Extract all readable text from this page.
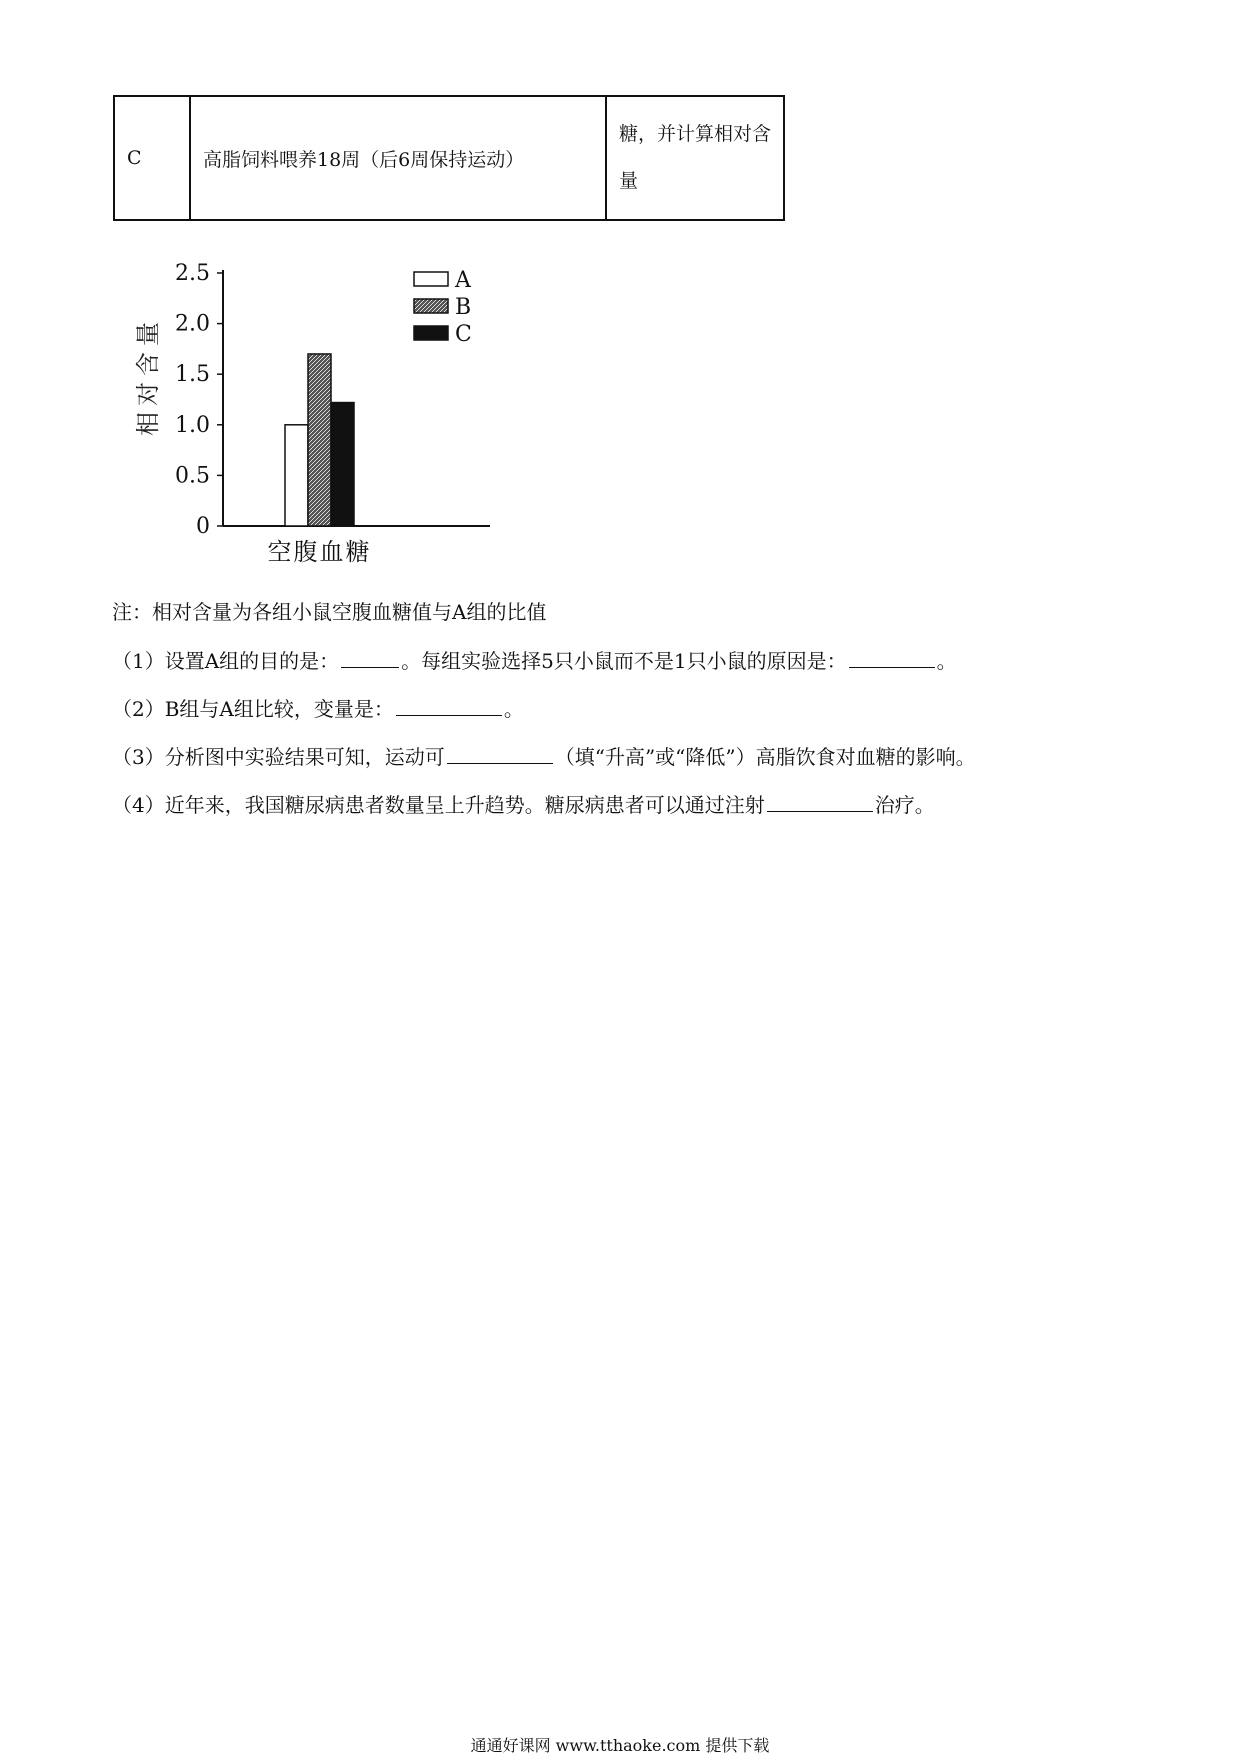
C	高脂饲料喂养18周（后6周保持运动）	糖，并计算相对含量
0
0.5
1.0
1.5
2.0
2.5
相对含量
空腹血糖
A
B
C
注：相对含量为各组小鼠空腹血糖值与A组的比值
（1）设置A组的目的是：	。每组实验选择5只小鼠而不是1只小鼠的原因是：	。
（2）B组与A组比较，变量是：	。
（3）分析图中实验结果可知，运动可	（填“升高”或“降低”）高脂饮食对血糖的影响。
（4）近年来，我国糖尿病患者数量呈上升趋势。糖尿病患者可以通过注射	治疗。
通通好课网 www.tthaoke.com 提供下载
